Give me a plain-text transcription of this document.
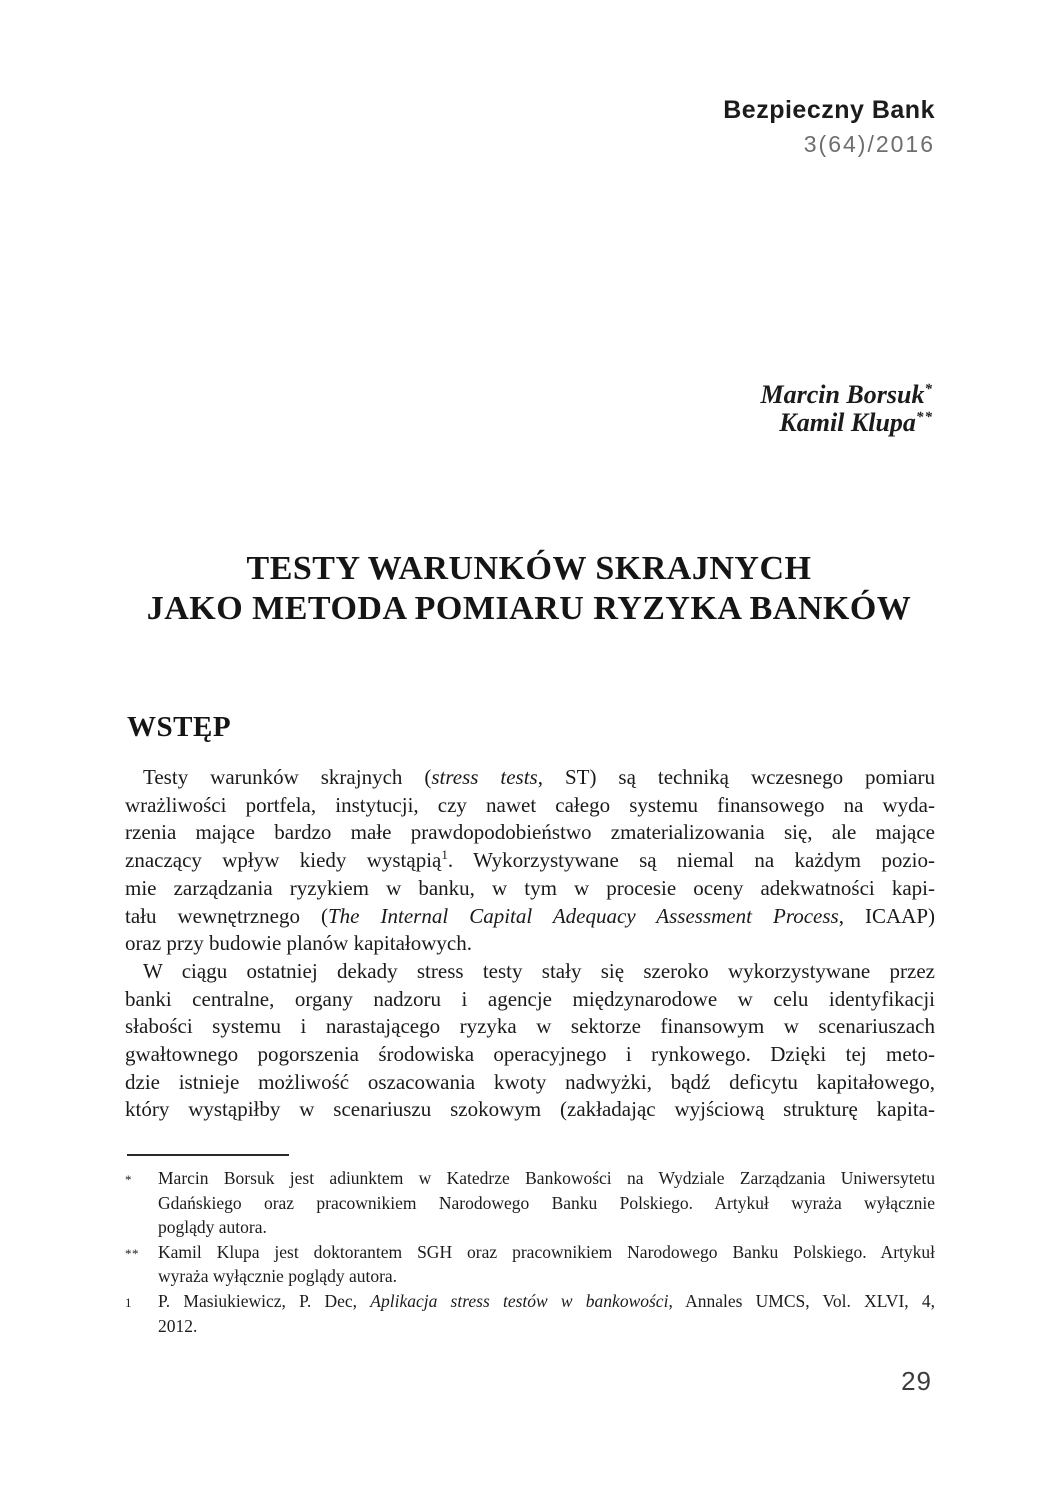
Bezpieczny Bank
3(64)/2016
Marcin Borsuk*
Kamil Klupa**
TESTY WARUNKÓW SKRAJNYCH
JAKO METODA POMIARU RYZYKA BANKÓW
WSTĘP
Testy warunków skrajnych (stress tests, ST) są techniką wczesnego pomiaru
wrażliwości portfela, instytucji, czy nawet całego systemu finansowego na wyda-
rzenia mające bardzo małe prawdopodobieństwo zmaterializowania się, ale mające
znaczący wpływ kiedy wystąpią$^1$. Wykorzystywane są niemal na każdym pozio-
mie zarządzania ryzykiem w banku, w tym w procesie oceny adekwatności kapi-
tału wewnętrznego (The Internal Capital Adequacy Assessment Process, ICAAP)
oraz przy budowie planów kapitałowych.
W ciągu ostatniej dekady stress testy stały się szeroko wykorzystywane przez
banki centralne, organy nadzoru i agencje międzynarodowe w celu identyfikacji
słabości systemu i narastającego ryzyka w sektorze finansowym w scenariuszach
gwałtownego pogorszenia środowiska operacyjnego i rynkowego. Dzięki tej meto-
dzie istnieje możliwość oszacowania kwoty nadwyżki, bądź deficytu kapitałowego,
który wystąpiłby w scenariuszu szokowym (zakładając wyjściową strukturę kapita-
*	Marcin Borsuk jest adiunktem w Katedrze Bankowości na Wydziale Zarządzania Uniwersytetu
Gdańskiego oraz pracownikiem Narodowego Banku Polskiego. Artykuł wyraża wyłącznie
poglądy autora.
**	Kamil Klupa jest doktorantem SGH oraz pracownikiem Narodowego Banku Polskiego. Artykuł
wyraża wyłącznie poglądy autora.
1	P. Masiukiewicz, P. Dec, Aplikacja stress testów w bankowości, Annales UMCS, Vol. XLVI, 4,
2012.
29
